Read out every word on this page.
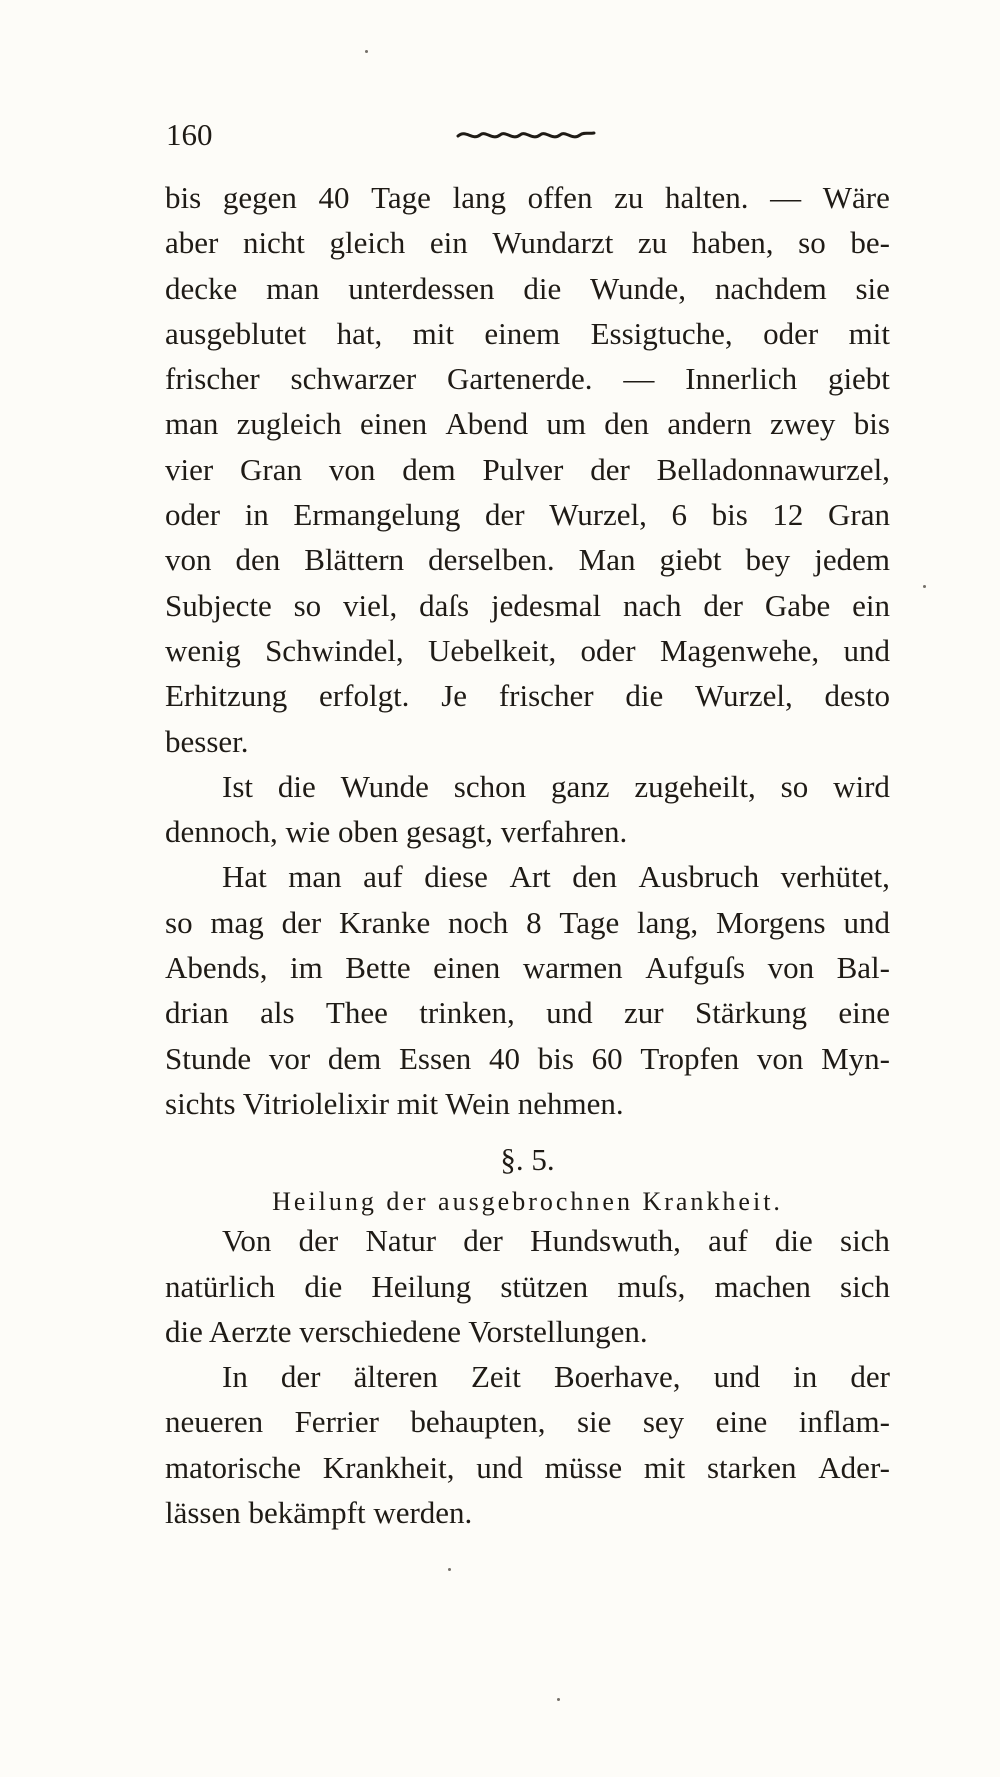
160
bis gegen 40 Tage lang offen zu halten. — Wäre
aber nicht gleich ein Wundarzt zu haben, so be-
decke man unterdessen die Wunde, nachdem sie
ausgeblutet hat, mit einem Essigtuche, oder mit
frischer schwarzer Gartenerde. — Innerlich giebt
man zugleich einen Abend um den andern zwey bis
vier Gran von dem Pulver der Belladonnawurzel,
oder in Ermangelung der Wurzel, 6 bis 12 Gran
von den Blättern derselben. Man giebt bey jedem
Subjecte so viel, daſs jedesmal nach der Gabe ein
wenig Schwindel, Uebelkeit, oder Magenwehe, und
Erhitzung erfolgt. Je frischer die Wurzel, desto
besser.
Ist die Wunde schon ganz zugeheilt, so wird
dennoch, wie oben gesagt, verfahren.
Hat man auf diese Art den Ausbruch verhütet,
so mag der Kranke noch 8 Tage lang, Morgens und
Abends, im Bette einen warmen Aufguſs von Bal-
drian als Thee trinken, und zur Stärkung eine
Stunde vor dem Essen 40 bis 60 Tropfen von Myn-
sichts Vitriolelixir mit Wein nehmen.
§. 5.
Heilung der ausgebrochnen Krankheit.
Von der Natur der Hundswuth, auf die sich
natürlich die Heilung stützen muſs, machen sich
die Aerzte verschiedene Vorstellungen.
In der älteren Zeit Boerhave, und in der
neueren Ferrier behaupten, sie sey eine inflam-
matorische Krankheit, und müsse mit starken Ader-
lässen bekämpft werden.
